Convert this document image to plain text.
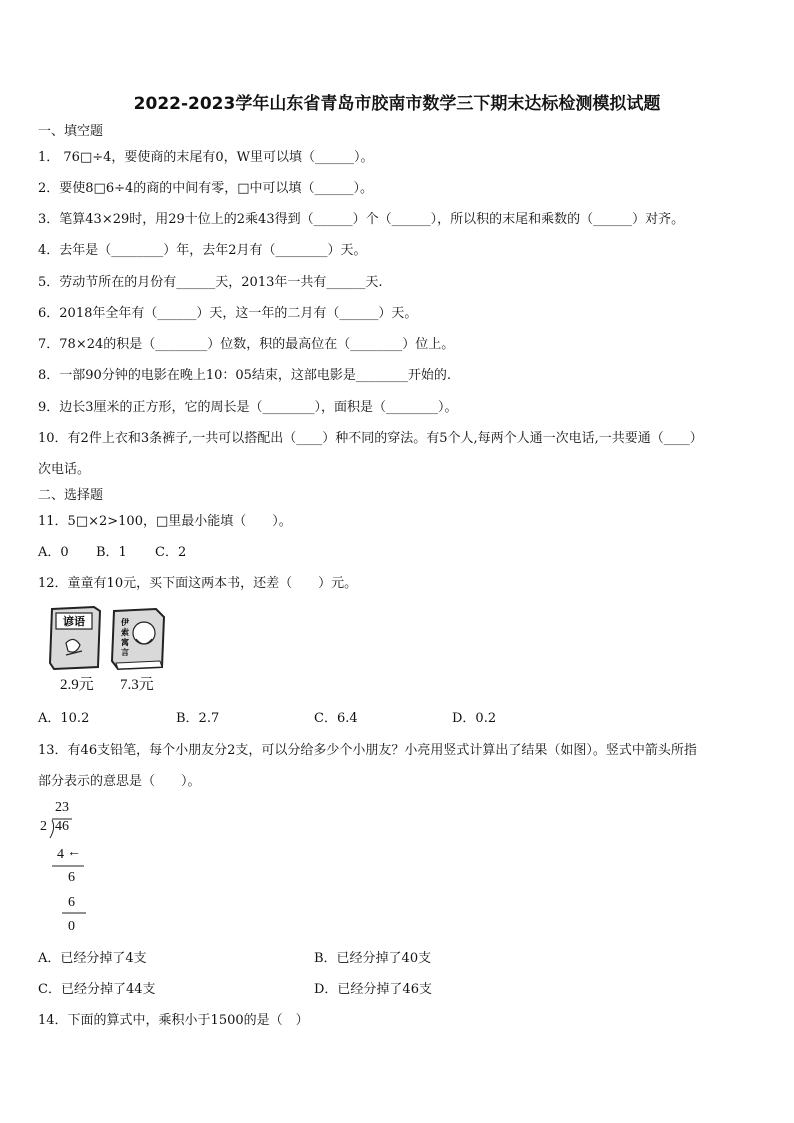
2022-2023学年山东省青岛市胶南市数学三下期末达标检测模拟试题
一、填空题
1． 76□÷4，要使商的末尾有0，W里可以填（______）。
2．要使8□6÷4的商的中间有零，□中可以填（______）。
3．笔算43×29时，用29十位上的2乘43得到（______）个（______），所以积的末尾和乘数的（______）对齐。
4．去年是（________）年，去年2月有（________）天。
5．劳动节所在的月份有______天，2013年一共有______天.
6．2018年全年有（______）天，这一年的二月有（______）天。
7．78×24的积是（________）位数，积的最高位在（________）位上。
8．一部90分钟的电影在晚上10：05结束，这部电影是________开始的.
9．边长3厘米的正方形，它的周长是（________），面积是（________）。
10．有2件上衣和3条裤子,一共可以搭配出（____）种不同的穿法。有5个人,每两个人通一次电话,一共要通（____）
次电话。
二、选择题
11．5□×2>100，□里最小能填（　　）。
A．0 B．1 C．2
12．童童有10元，买下面这两本书，还差（　　）元。
谚语	伊
索
寓
言
2.9元 7.3元
A．10.2	B．2.7	C．6.4	D．0.2
13．有46支铅笔，每个小朋友分2支，可以分给多少个小朋友？小亮用竖式计算出了结果（如图）。竖式中箭头所指
部分表示的意思是（　　）。
23
2 46
4 ←
6
6
0
A．已经分掉了4支	B．已经分掉了40支
C．已经分掉了44支	D．已经分掉了46支
14．下面的算式中，乘积小于1500的是（　）
